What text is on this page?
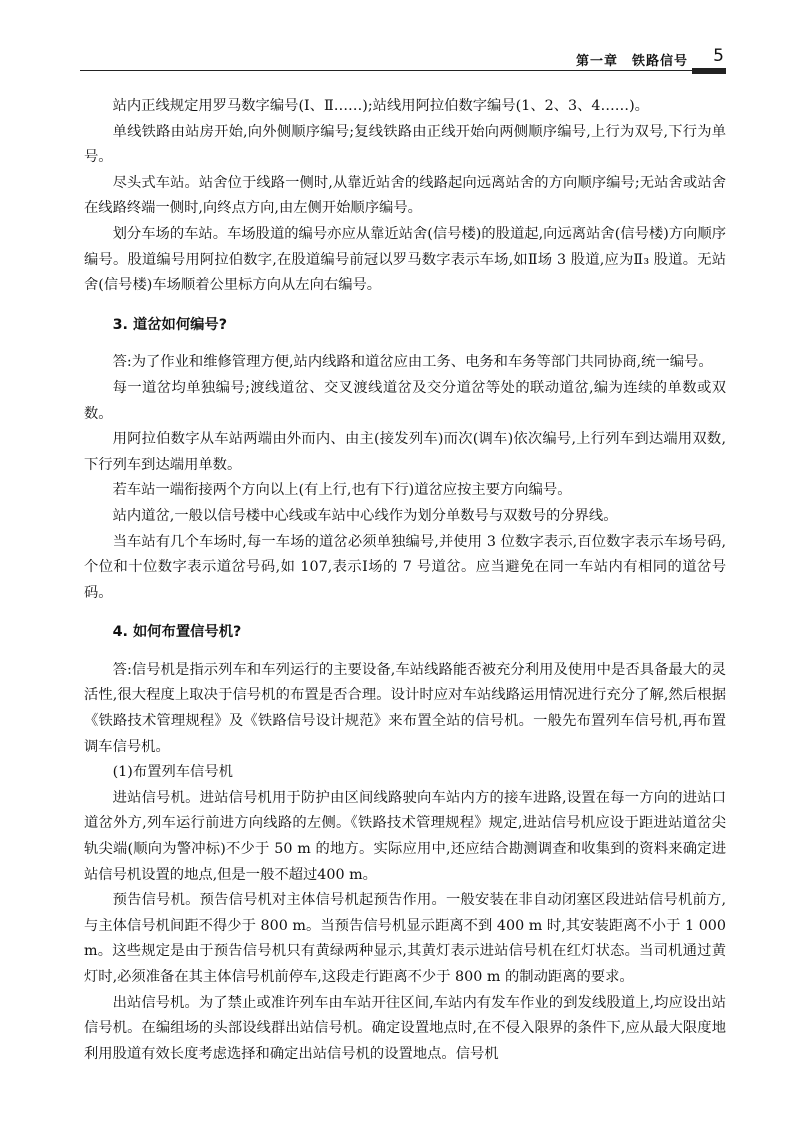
第一章　铁路信号 5

站内正线规定用罗马数字编号(Ⅰ、Ⅱ……);站线用阿拉伯数字编号(1、2、3、4……)。

单线铁路由站房开始,向外侧顺序编号;复线铁路由正线开始向两侧顺序编号,上行为双号,下行为单号。

尽头式车站。站舍位于线路一侧时,从靠近站舍的线路起向远离站舍的方向顺序编号;无站舍或站舍在线路终端一侧时,向终点方向,由左侧开始顺序编号。

划分车场的车站。车场股道的编号亦应从靠近站舍(信号楼)的股道起,向远离站舍(信号楼)方向顺序编号。股道编号用阿拉伯数字,在股道编号前冠以罗马数字表示车场,如Ⅱ场 3 股道,应为Ⅱ₃ 股道。无站舍(信号楼)车场顺着公里标方向从左向右编号。

3. 道岔如何编号?

答:为了作业和维修管理方便,站内线路和道岔应由工务、电务和车务等部门共同协商,统一编号。

每一道岔均单独编号;渡线道岔、交叉渡线道岔及交分道岔等处的联动道岔,编为连续的单数或双数。

用阿拉伯数字从车站两端由外而内、由主(接发列车)而次(调车)依次编号,上行列车到达端用双数,下行列车到达端用单数。

若车站一端衔接两个方向以上(有上行,也有下行)道岔应按主要方向编号。

站内道岔,一般以信号楼中心线或车站中心线作为划分单数号与双数号的分界线。

当车站有几个车场时,每一车场的道岔必须单独编号,并使用 3 位数字表示,百位数字表示车场号码,个位和十位数字表示道岔号码,如 107,表示Ⅰ场的 7 号道岔。应当避免在同一车站内有相同的道岔号码。

4. 如何布置信号机?

答:信号机是指示列车和车列运行的主要设备,车站线路能否被充分利用及使用中是否具备最大的灵活性,很大程度上取决于信号机的布置是否合理。设计时应对车站线路运用情况进行充分了解,然后根据《铁路技术管理规程》及《铁路信号设计规范》来布置全站的信号机。一般先布置列车信号机,再布置调车信号机。

(1)布置列车信号机

进站信号机。进站信号机用于防护由区间线路驶向车站内方的接车进路,设置在每一方向的进站口道岔外方,列车运行前进方向线路的左侧。《铁路技术管理规程》规定,进站信号机应设于距进站道岔尖轨尖端(顺向为警冲标)不少于 50 m 的地方。实际应用中,还应结合勘测调查和收集到的资料来确定进站信号机设置的地点,但是一般不超过400 m。

预告信号机。预告信号机对主体信号机起预告作用。一般安装在非自动闭塞区段进站信号机前方,与主体信号机间距不得少于 800 m。当预告信号机显示距离不到 400 m 时,其安装距离不小于 1 000 m。这些规定是由于预告信号机只有黄绿两种显示,其黄灯表示进站信号机在红灯状态。当司机通过黄灯时,必须准备在其主体信号机前停车,这段走行距离不少于 800 m 的制动距离的要求。

出站信号机。为了禁止或准许列车由车站开往区间,车站内有发车作业的到发线股道上,均应设出站信号机。在编组场的头部设线群出站信号机。确定设置地点时,在不侵入限界的条件下,应从最大限度地利用股道有效长度考虑选择和确定出站信号机的设置地点。信号机
